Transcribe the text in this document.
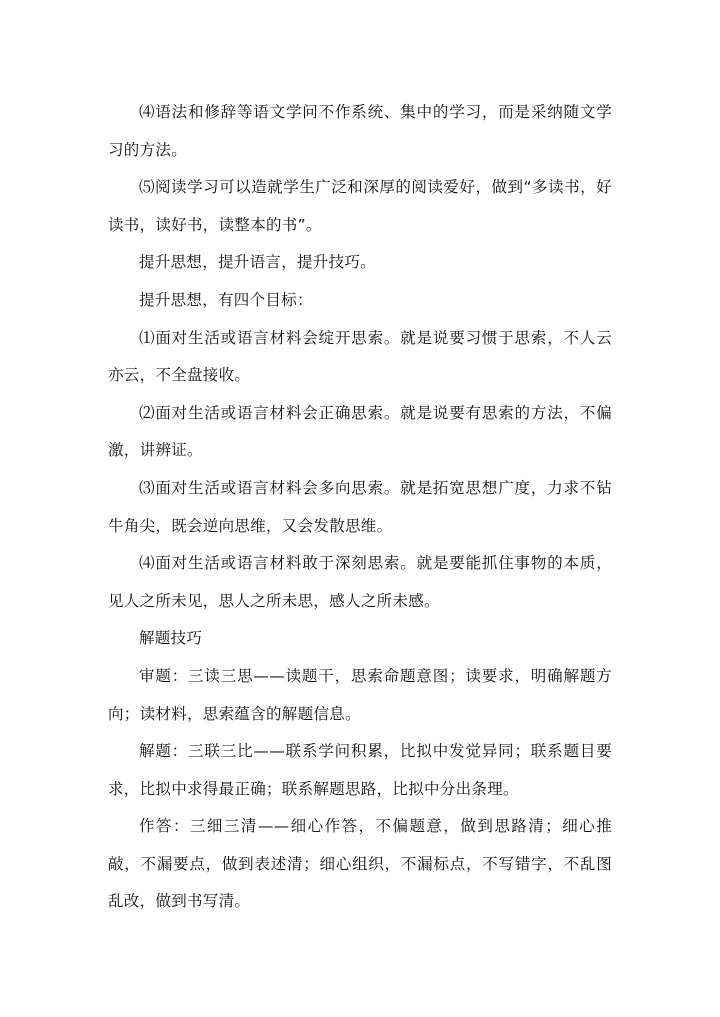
⑷语法和修辞等语文学问不作系统、集中的学习，而是采纳随文学习的方法。

⑸阅读学习可以造就学生广泛和深厚的阅读爱好，做到“多读书，好读书，读好书，读整本的书”。

提升思想，提升语言，提升技巧。

提升思想，有四个目标：

⑴面对生活或语言材料会绽开思索。就是说要习惯于思索，不人云亦云，不全盘接收。

⑵面对生活或语言材料会正确思索。就是说要有思索的方法，不偏激，讲辨证。

⑶面对生活或语言材料会多向思索。就是拓宽思想广度，力求不钻牛角尖，既会逆向思维，又会发散思维。

⑷面对生活或语言材料敢于深刻思索。就是要能抓住事物的本质，见人之所未见，思人之所未思，感人之所未感。

解题技巧

审题：三读三思——读题干，思索命题意图；读要求，明确解题方向；读材料，思索蕴含的解题信息。

解题：三联三比——联系学问积累，比拟中发觉异同；联系题目要求，比拟中求得最正确；联系解题思路，比拟中分出条理。

作答：三细三清——细心作答，不偏题意，做到思路清；细心推敲，不漏要点，做到表述清；细心组织，不漏标点，不写错字，不乱图乱改，做到书写清。
